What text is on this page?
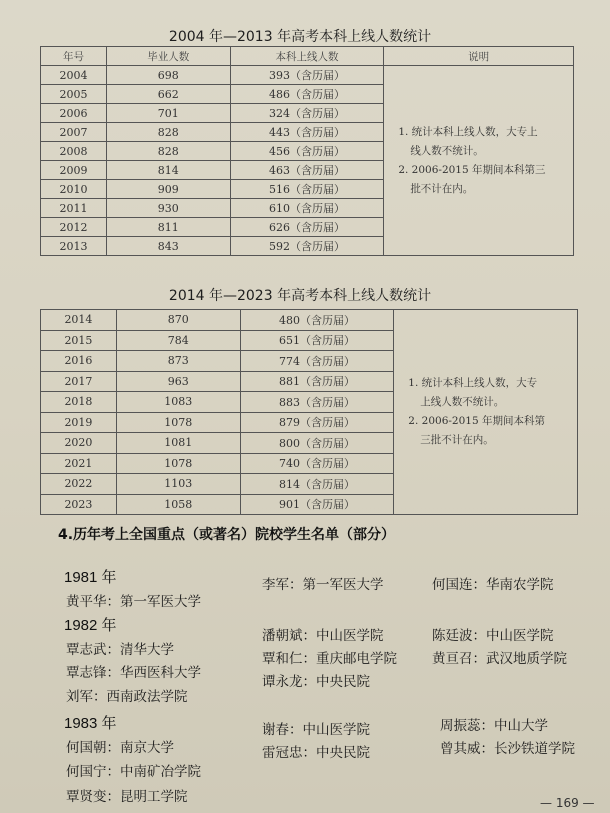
2004 年—2013 年高考本科上线人数统计
年号	毕业人数	本科上线人数	说明
2004	698	393（含历届）	1. 统计本科上线人数，大专上
线人数不统计。
2. 2006-2015 年期间本科第三
批不计在内。

2005	662	486（含历届）	
2006	701	324（含历届）	
2007	828	443（含历届）	
2008	828	456（含历届）	
2009	814	463（含历届）	
2010	909	516（含历届）	
2011	930	610（含历届）	
2012	811	626（含历届）	
2013	843	592（含历届）	
2014 年—2023 年高考本科上线人数统计
2014	870	480（含历届）	1. 统计本科上线人数，大专
上线人数不统计。
2. 2006-2015 年期间本科第
三批不计在内。

2015	784	651（含历届）	
2016	873	774（含历届）	
2017	963	881（含历届）	
2018	1083	883（含历届）	
2019	1078	879（含历届）	
2020	1081	800（含历届）	
2021	1078	740（含历届）	
2022	1103	814（含历届）	
2023	1058	901（含历届）	
4.历年考上全国重点（或著名）院校学生名单（部分）
1981 年
黄平华：第一军医大学
李军：第一军医大学	何国连：华南农学院
1982 年
覃志武：清华大学
潘朝斌：中山医学院	陈廷波：中山医学院
覃志锋：华西医科大学
覃和仁：重庆邮电学院	黄亘召：武汉地质学院
刘军：西南政法学院
谭永龙：中央民院
1983 年
何国朝：南京大学
谢春：中山医学院	周振蕊：中山大学
雷冠忠：中央民院	曾其威：长沙铁道学院
何国宁：中南矿冶学院
覃贤变：昆明工学院	— 169 —
